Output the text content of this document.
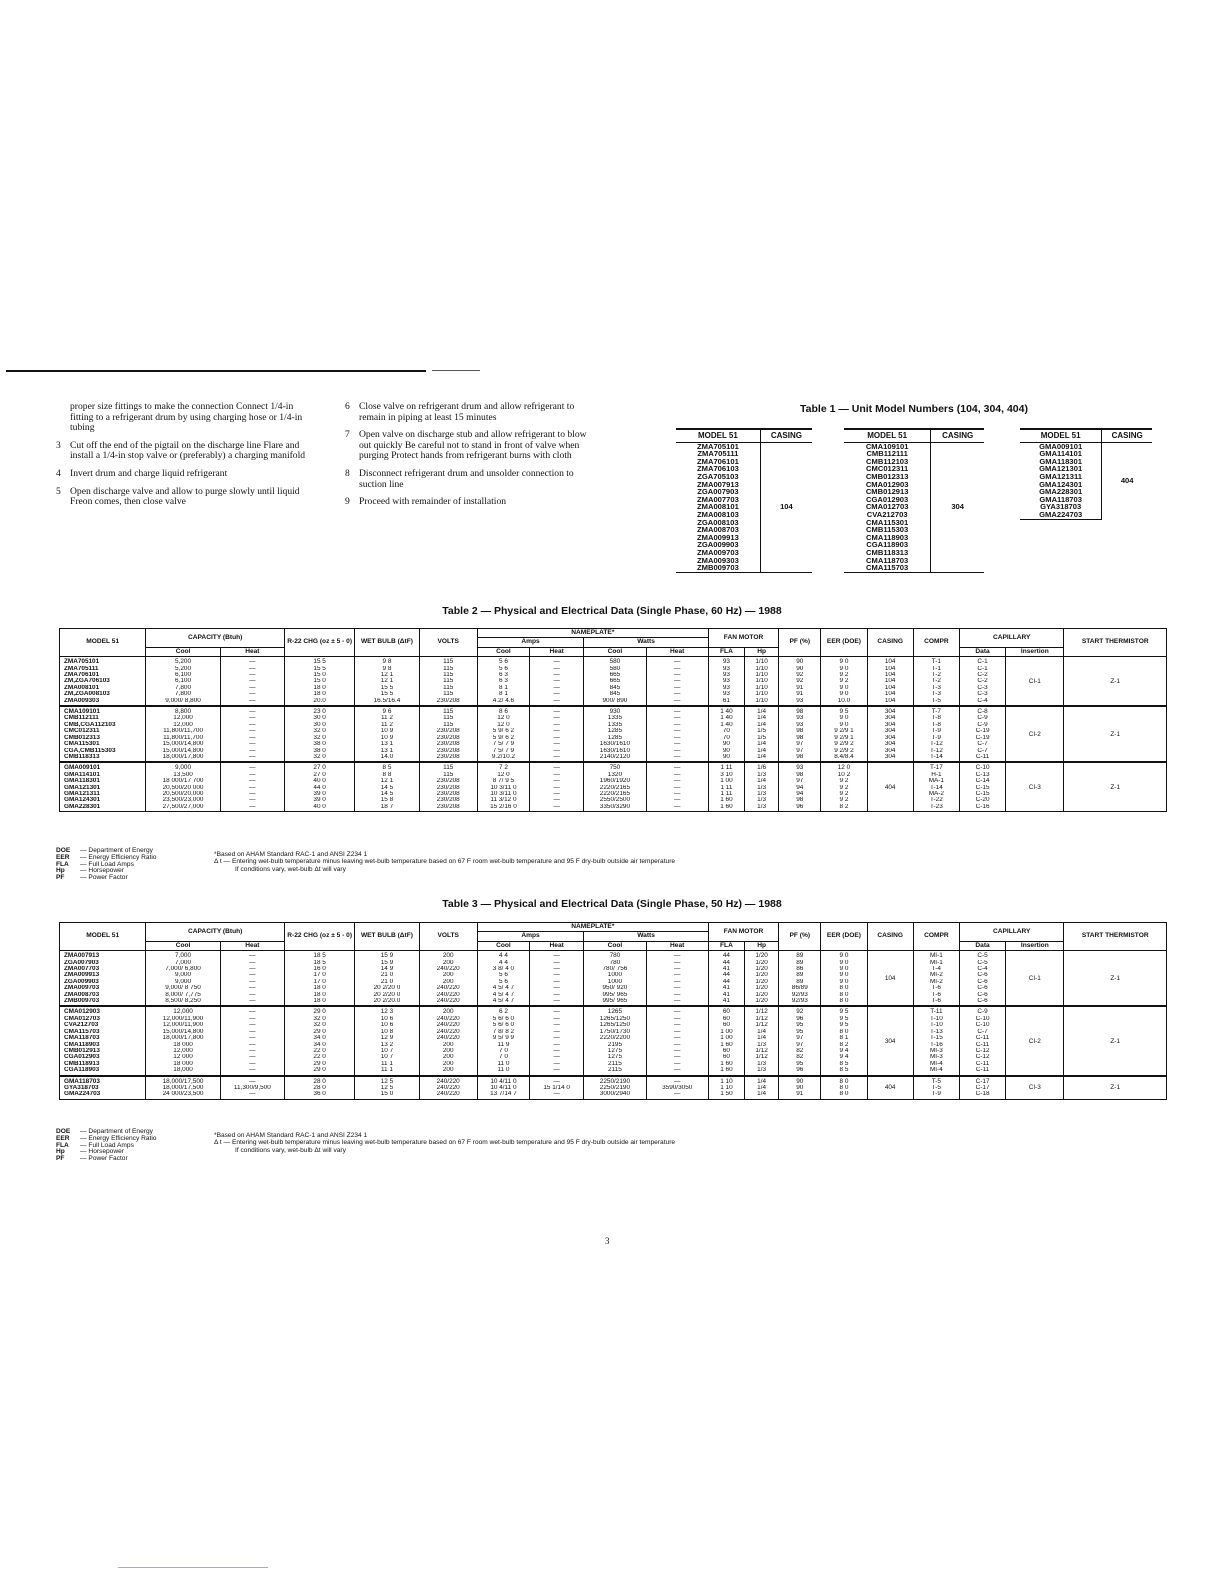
proper size fittings to make the connection Connect 1/4-in fitting to a refrigerant drum by using charging hose or 1/4-in tubing
3 Cut off the end of the pigtail on the discharge line Flare and install a 1/4-in stop valve or (preferably) a charging manifold
4 Invert drum and charge liquid refrigerant
5 Open discharge valve and allow to purge slowly until liquid Freon comes, then close valve
6 Close valve on refrigerant drum and allow refrigerant to remain in piping at least 15 minutes
7 Open valve on discharge stub and allow refrigerant to blow out quickly Be careful not to stand in front of valve when purging Protect hands from refrigerant burns with cloth
8 Disconnect refrigerant drum and unsolder connection to suction line
9 Proceed with remainder of installation
Table 1 — Unit Model Numbers (104, 304, 404)
MODEL 51	CASING
ZMA705101	104
ZMA705111	
ZMA706101	
ZMA706103	
ZGA705103	
ZMA007913	
ZGA007903	
ZMA007703	
ZMA008101	
ZMA008103	
ZGA008103	
ZMA008703	
ZMA009913	
ZGA009903	
ZMA009703	
ZMA009303	
ZMB009703	
MODEL 51	CASING
CMA109101	304
CMB112111	
CMB112103	
CMC012311	
CMB012313	
CMA012903	
CMB012913	
CGA012903	
CMA012703	
CVA212703	
CMA115301	
CMB115303	
CMA118903	
CGA118903	
CMB118313	
CMA118703	
CMA115703	
MODEL 51	CASING
GMA009101	404
GMA114101	
GMA118301	
GMA121301	
GMA121311	
GMA124301	
GMA228301	
GMA118703	
GYA318703	
GMA224703	
Table 2 — Physical and Electrical Data (Single Phase, 60 Hz) — 1988
MODEL 51	CAPACITY (Btuh)		R-22 CHG (oz ± 5 - 0)	WET BULB (ΔtF)	VOLTS	NAMEPLATE*				FAN MOTOR		PF (%)	EER (DOE)	CASING	COMPR	CAPILLARY		START THERMISTOR
						Amps		Watts										
	Cool	Heat				Cool	Heat	Cool	Heat	FLA	Hp					Data	Insertion	
ZMA705101	5,200	—	15 5	9 8	115	5 6	—	580	—	93	1/10	90	9 0	104	T-1	C-1	CI-1	Z-1
ZMA705111	5,200	—	15 5	9 8	115	5 6	—	580	—	93	1/10	90	9 0	104	T-1	C-1		
ZMA706101	6,100	—	15 0	12 1	115	6 3	—	665	—	93	1/10	92	9 2	104	T-2	C-2		
ZM,ZGA706103	6,100	—	15 0	12 1	115	6 3	—	665	—	93	1/10	92	9 2	104	T-2	C-2		
ZMA008101	7,800	—	18 0	15 5	115	8 1	—	845	—	93	1/10	91	9 0	104	T-3	C-3		
ZM,ZGA008103	7,800	—	18 0	15 5	115	8 1	—	845	—	93	1/10	91	9 0	104	T-3	C-3		
ZMA009303	9,000/ 8,800	—	20.0	16.5/16.4	230/208	4.2/ 4.6	—	900/ 890	—	61	1/10	93	10.0	104	T-5	C-4		
CMA109101	8,800	—	23 0	9 6	115	8 6	—	930	—	1 40	1/4	98	9 5	304	T-7	C-8	CI-2	Z-1
CMB112111	12,000	—	30 0	11 2	115	12 0	—	1335	—	1 40	1/4	93	9 0	304	T-8	C-9		
CMB,CGA112103	12,000	—	30 0	11 2	115	12 0	—	1335	—	1 40	1/4	93	9 0	304	T-8	C-9		
CMC012311	11,800/11,700	—	32 0	10 9	230/208	5 9/ 6 2	—	1285	—	70	1/5	98	9 2/9 1	304	T-9	C-19		
CMB012313	11,800/11,700	—	32 0	10 9	230/208	5 9/ 6 2	—	1285	—	70	1/5	98	9 2/9 1	304	T-9	C-19		
CMA115301	15,000/14,800	—	38 0	13 1	230/208	7 5/ 7 9	—	1630/1610	—	90	1/4	97	9 2/9 2	304	T-12	C-7		
CGA,CMB115303	15,000/14,800	—	38 0	13 1	230/208	7 5/ 7 9	—	1630/1610	—	90	1/4	97	9 2/9 2	304	T-12	C-7		
CMB118313	18,000/17,800	—	32 0	14.0	230/208	9.2/10.2	—	2140/2120	—	90	1/4	98	8.4/8.4	304	T-14	C-11		
GMA009101	9,000	—	27 0	8 5	115	7 2	—	750	—	1 11	1/6	93	12 0	404	T-17	C-10	CI-3	Z-1
GMA114101	13,500	—	27 0	8 8	115	12 0	—	1320	—	3 10	1/3	98	10 2		H-1	C-13		
GMA118301	18 000/17 700	—	40 0	12 1	230/208	8 7/ 9 5	—	1960/1920	—	1 00	1/4	97	9 2		MA-1	C-14		
GMA121301	20,500/20 000	—	44 0	14 5	230/208	10 3/11 0	—	2220/2165	—	1 11	1/3	94	9 2		T-14	C-15		
GMA121311	20,500/20,000	—	39 0	14 5	230/208	10 3/11 0	—	2220/2165	—	1 11	1/3	94	9 2		MA-2	C-15		
GMA124301	23,500/23,000	—	39 0	15 8	230/208	11 3/12 0	—	2550/2500	—	1 60	1/3	98	9 2		T-22	C-20		
GMA228301	27,500/27,000	—	40 0	18 7	230/208	15 2/16 0	—	3350/3290	—	1 60	1/3	96	8 2		T-23	C-16		
DOE	— Department of Energy
EER	— Energy Efficiency Ratio
FLA	— Full Load Amps
Hp	— Horsepower
PF	— Power Factor
*Based on AHAM Standard RAC-1 and ANSI Z234 1
Δ t — Entering wet-bulb temperature minus leaving wet-bulb temperature based on 67 F room wet-bulb temperature and 95 F dry-bulb outside air temperature
If conditions vary, wet-bulb Δt will vary
Table 3 — Physical and Electrical Data (Single Phase, 50 Hz) — 1988
MODEL 51	CAPACITY (Btuh)		R-22 CHG (oz ± 5 - 0)	WET BULB (ΔtF)	VOLTS	NAMEPLATE*				FAN MOTOR		PF (%)	EER (DOE)	CASING	COMPR	CAPILLARY		START THERMISTOR
						Amps		Watts										
	Cool	Heat				Cool	Heat	Cool	Heat	FLA	Hp					Data	Insertion	
ZMA007913	7,000	—	18 5	15 9	200	4 4	—	780	—	44	1/20	89	9 0	104	MI-1	C-5	CI-1	Z-1
ZGA007903	7,000	—	18 5	15 9	200	4 4	—	780	—	44	1/20	89	9 0		MI-1	C-5		
ZMA007703	7,000/ 6,800	—	16 0	14 9	240/220	3 8/ 4 0	—	780/ 756	—	41	1/20	86	9 0		T-4	C-4		
ZMA009913	9,000	—	17 0	21 0	200	5 6	—	1000	—	44	1/20	89	9 0		MI-2	C-6		
ZGA009903	9,000	—	17 0	21 0	200	5 6	—	1000	—	44	1/20	89	9 0		MI-2	C-6		
ZMA009703	9,000/ 8 750	—	18 0	20 2/20 0	240/220	4 5/ 4 7	—	950/ 920	—	41	1/20	86/89	8 0		T-6	C-6		
ZMA008703	8,000/ 7,775	—	18 0	20 2/20 0	240/220	4 5/ 4 7	—	995/ 965	—	41	1/20	92/93	8 0		T-6	C-6		
ZMB009703	8,500/ 8,250	—	18 0	20 2/20.0	240/220	4 5/ 4 7	—	995/ 965	—	41	1/20	92/93	8 0		T-6	C-6		
CMA012903	12,000	—	29 0	12 3	200	6 2	—	1265	—	60	1/12	92	9 5	304	T-11	C-9	CI-2	Z-1
CMA012703	12,000/11,900	—	32 0	10 6	240/220	5 6/ 6 0	—	1265/1250	—	60	1/12	96	9 5		T-10	C-10		
CVA212703	12,000/11,900	—	32 0	10 6	240/220	5 6/ 6 0	—	1265/1250	—	60	1/12	95	9 5		T-10	C-10		
CMA115703	15,000/14,800	—	29 0	10 8	240/220	7 8/ 8 2	—	1750/1730	—	1 00	1/4	95	8 0		T-13	C-7		
CMA118703	18,000/17,800	—	34 0	12 9	240/220	9 5/ 9 9	—	2220/2200	—	1 00	1/4	97	8 1		T-15	C-11		
CMA118903	18 000	—	34 0	13 2	200	11 9	—	2195	—	1 60	1/3	97	8 2		T-16	C-11		
CMB012913	12,000	—	22 0	10 7	200	7 0	—	1275	—	60	1/12	82	9 4		MI-3	C-12		
CGA012903	12 000	—	22 0	10 7	200	7 0	—	1275	—	60	1/12	82	9 4		MI-3	C-12		
CMB118913	18 000	—	29 0	11 1	200	11 0	—	2115	—	1 60	1/3	95	8 5		MI-4	C-11		
CGA118903	18,000	—	29 0	11 1	200	11 0	—	2115	—	1 60	1/3	96	8 5		MI-4	C-11		
GMA118703	18,000/17,500	—	28 0	12 5	240/220	10 4/11 0	—	2250/2190	—	1 10	1/4	90	8 0	404	T-5	C-17	CI-3	Z-1
GYA318703	18,000/17,500	11,300/9,500	28 0	12 5	240/220	10 4/11 0	15 1/14 0	2250/2190	3590/3050	1 10	1/4	90	8 0		T-5	C-17		
GMA224703	24 000/23,500	—	36 0	15 0	240/220	13 7/14 7	—	3000/2940	—	1 50	1/4	91	8 0		T-9	C-18		
DOE	— Department of Energy
EER	— Energy Efficiency Ratio
FLA	— Full Load Amps
Hp	— Horsepower
PF	— Power Factor
*Based on AHAM Standard RAC-1 and ANSI Z234 1
Δ t — Entering wet-bulb temperature minus leaving wet-bulb temperature based on 67 F room wet-bulb temperature and 95 F dry-bulb outside air temperature
If conditions vary, wet-bulb Δt will vary
3
